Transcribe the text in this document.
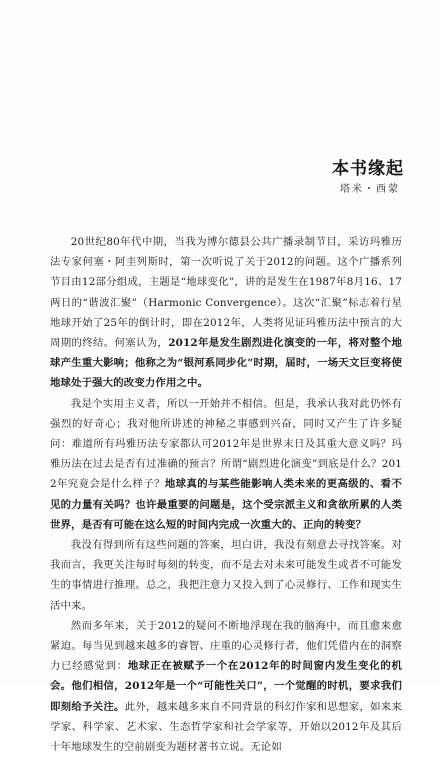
本书缘起
塔米・西蒙

20世纪80年代中期，当我为博尔德县公共广播录制节目，采访玛雅历法专家何塞・阿圭列斯时，第一次听说了关于2012的问题。这个广播系列节目由12部分组成，主题是“地球变化”，讲的是发生在1987年8月16、17两日的“谐波汇聚”（Harmonic Convergence）。这次“汇聚”标志着行星地球开始了25年的倒计时，即在2012年，人类将见证玛雅历法中预言的大周期的终结。何塞认为，2012年是发生剧烈进化演变的一年，将对整个地球产生重大影响；他称之为“银河系同步化”时期，届时，一场天文巨变将使地球处于强大的改变力作用之中。

我是个实用主义者，所以一开始并不相信。但是，我承认我对此仍怀有强烈的好奇心；我对他所讲述的神秘之事感到兴奋，同时又产生了许多疑问：难道所有玛雅历法专家都认可2012年是世界末日及其重大意义吗？玛雅历法在过去是否有过准确的预言？所谓“剧烈进化演变”到底是什么？2012年究竟会是什么样子？地球真的与某些能影响人类未来的更高级的、看不见的力量有关吗？也许最重要的问题是，这个受宗派主义和贪欲所累的人类世界，是否有可能在这么短的时间内完成一次重大的、正向的转变？

我没有得到所有这些问题的答案，坦白讲，我没有刻意去寻找答案。对我而言，我更关注每时每刻的转变，而不是去对未来可能发生或者不可能发生的事情进行推理。总之，我把注意力又投入到了心灵修行、工作和现实生活中来。

然而多年来，关于2012的疑问不断地浮现在我的脑海中，而且愈来愈紧迫。每当见到越来越多的睿智、庄重的心灵修行者，他们凭借内在的洞察力已经感觉到：地球正在被赋予一个在2012年的时间窗内发生变化的机会。他们相信，2012年是一个“可能性关口”，一个觉醒的时机，要求我们即刻给予关注。此外，越来越多来自不同背景的科幻作家和思想家，如来来学家、科学家、艺术家、生态哲学家和社会学家等，开始以2012年及其后十年地球发生的空前剧变为题材著书立说。无论如
